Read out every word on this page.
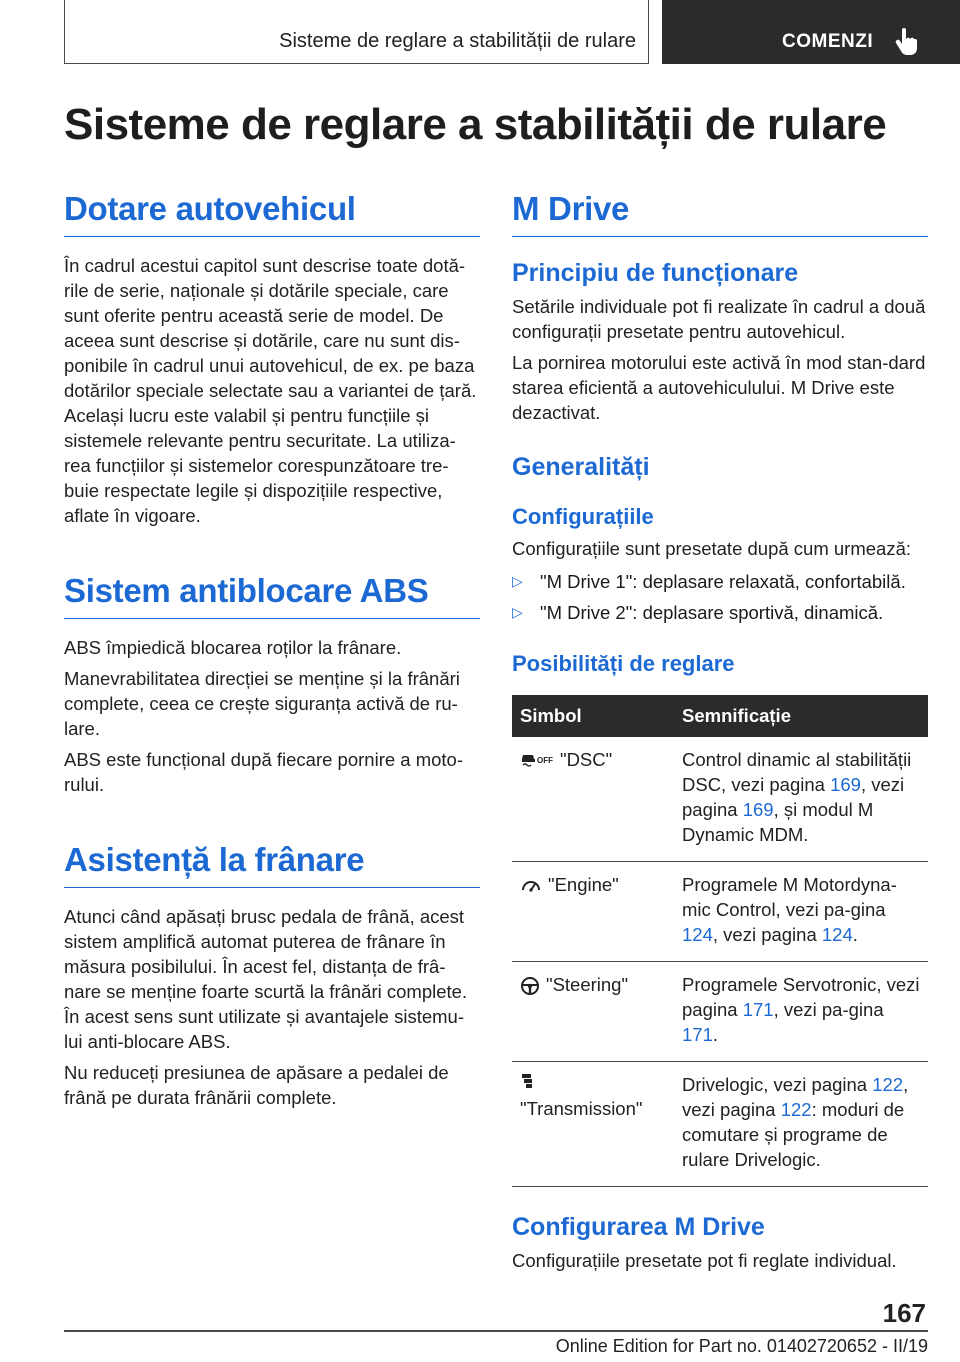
Sisteme de reglare a stabilității de rulare	COMENZI
Sisteme de reglare a stabilității de rulare
Dotare autovehicul

În cadrul acestui capitol sunt descrise toate dotă-rile de serie, naționale și dotările speciale, care sunt oferite pentru această serie de model. De aceea sunt descrise și dotările, care nu sunt dis-ponibile în cadrul unui autovehicul, de ex. pe baza dotărilor speciale selectate sau a variantei de țară. Același lucru este valabil și pentru funcțiile și sistemele relevante pentru securitate. La utiliza-rea funcțiilor și sistemelor corespunzătoare tre-buie respectate legile și dispozițiile respective, aflate în vigoare.

Sistem antiblocare ABS

ABS împiedică blocarea roților la frânare.

Manevrabilitatea direcției se menține și la frânări complete, ceea ce crește siguranța activă de ru-lare.

ABS este funcțional după fiecare pornire a moto-rului.

Asistență la frânare

Atunci când apăsați brusc pedala de frână, acest sistem amplifică automat puterea de frânare în măsura posibilului. În acest fel, distanța de frâ-nare se menține foarte scurtă la frânări complete. În acest sens sunt utilizate și avantajele sistemu-lui anti-blocare ABS.

Nu reduceți presiunea de apăsare a pedalei de frână pe durata frânării complete.

M Drive
Principiu de funcționare

Setările individuale pot fi realizate în cadrul a două configurații presetate pentru autovehicul.

La pornirea motorului este activă în mod stan-dard starea eficientă a autovehiculului. M Drive este dezactivat.

Generalități
Configurațiile

Configurațiile sunt presetate după cum urmează:

▷ "M Drive 1": deplasare relaxată, confortabilă.
▷ "M Drive 2": deplasare sportivă, dinamică.
Posibilități de reglare
Simbol	Semnificație

OFF "DSC"	Control dinamic al stabilității DSC, vezi pagina 169, vezi pagina 169, și modul M Dynamic MDM.
"Engine"	Programele M Motordyna-mic Control, vezi pa-gina 124, vezi pagina 124.
"Steering"	Programele Servotronic, vezi pagina 171, vezi pa-gina 171.

"Transmission"	Drivelogic, vezi pagina 122, vezi pagina 122: moduri de comutare și programe de rulare Drivelogic.
Configurarea M Drive

Configurațiile presetate pot fi reglate individual.

167
Online Edition for Part no. 01402720652 - II/19
